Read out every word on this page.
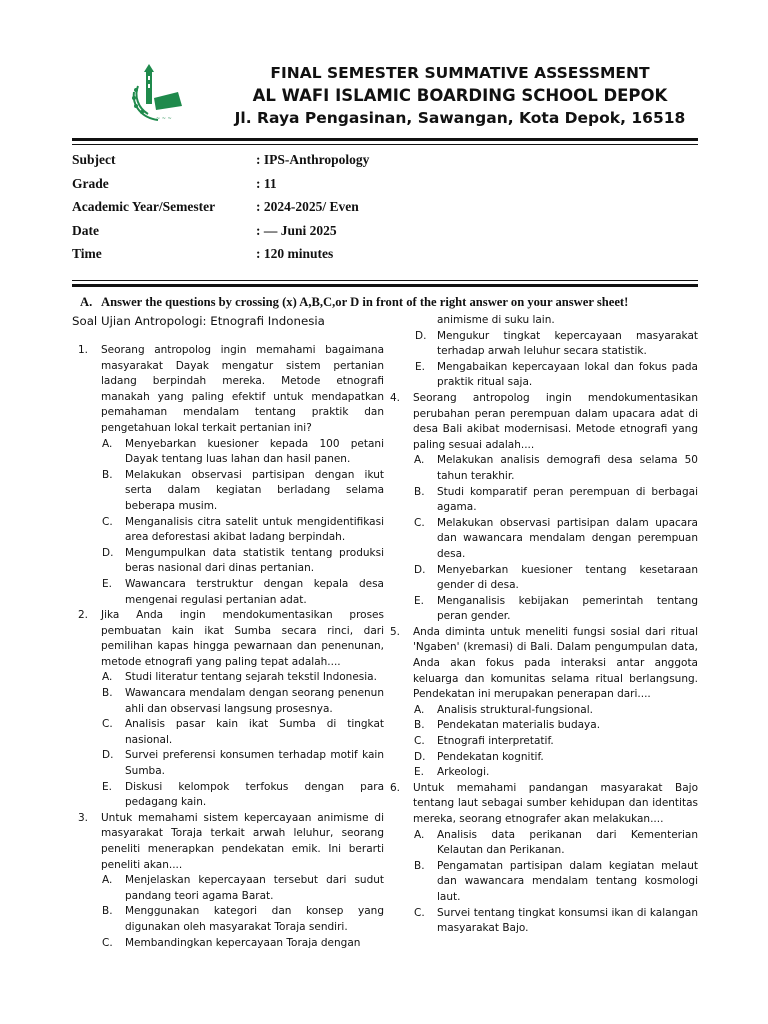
~ ~ ~
FINAL SEMESTER SUMMATIVE ASSESSMENT
AL WAFI ISLAMIC BOARDING SCHOOL DEPOK
Jl. Raya Pengasinan, Sawangan, Kota Depok, 16518
Subject	: IPS-Anthropology
Grade	: 11
Academic Year/Semester	: 2024-2025/ Even
Date	: — Juni 2025
Time	: 120 minutes
A.   Answer the questions by crossing (x) A,B,C,or D in front of the right answer on your answer sheet!
Soal Ujian Antropologi: Etnografi Indonesia
1. Seorang antropolog ingin memahami bagaimana masyarakat Dayak mengatur sistem pertanian ladang berpindah mereka. Metode etnografi manakah yang paling efektif untuk mendapatkan pemahaman mendalam tentang praktik dan pengetahuan lokal terkait pertanian ini?
A. Menyebarkan kuesioner kepada 100 petani Dayak tentang luas lahan dan hasil panen.
B. Melakukan observasi partisipan dengan ikut serta dalam kegiatan berladang selama beberapa musim.
C. Menganalisis citra satelit untuk mengidentifikasi area deforestasi akibat ladang berpindah.
D. Mengumpulkan data statistik tentang produksi beras nasional dari dinas pertanian.
E. Wawancara terstruktur dengan kepala desa mengenai regulasi pertanian adat.
2. Jika Anda ingin mendokumentasikan proses pembuatan kain ikat Sumba secara rinci, dari pemilihan kapas hingga pewarnaan dan penenunan, metode etnografi yang paling tepat adalah....
A. Studi literatur tentang sejarah tekstil Indonesia.
B. Wawancara mendalam dengan seorang penenun ahli dan observasi langsung prosesnya.
C. Analisis pasar kain ikat Sumba di tingkat nasional.
D. Survei preferensi konsumen terhadap motif kain Sumba.
E. Diskusi kelompok terfokus dengan para pedagang kain.
3. Untuk memahami sistem kepercayaan animisme di masyarakat Toraja terkait arwah leluhur, seorang peneliti menerapkan pendekatan emik. Ini berarti peneliti akan....
A. Menjelaskan kepercayaan tersebut dari sudut pandang teori agama Barat.
B. Menggunakan kategori dan konsep yang digunakan oleh masyarakat Toraja sendiri.
C. Membandingkan kepercayaan Toraja dengan
animisme di suku lain.
D. Mengukur tingkat kepercayaan masyarakat terhadap arwah leluhur secara statistik.
E. Mengabaikan kepercayaan lokal dan fokus pada praktik ritual saja.
4. Seorang antropolog ingin mendokumentasikan perubahan peran perempuan dalam upacara adat di desa Bali akibat modernisasi. Metode etnografi yang paling sesuai adalah....
A. Melakukan analisis demografi desa selama 50 tahun terakhir.
B. Studi komparatif peran perempuan di berbagai agama.
C. Melakukan observasi partisipan dalam upacara dan wawancara mendalam dengan perempuan desa.
D. Menyebarkan kuesioner tentang kesetaraan gender di desa.
E. Menganalisis kebijakan pemerintah tentang peran gender.
5. Anda diminta untuk meneliti fungsi sosial dari ritual 'Ngaben' (kremasi) di Bali. Dalam pengumpulan data, Anda akan fokus pada interaksi antar anggota keluarga dan komunitas selama ritual berlangsung. Pendekatan ini merupakan penerapan dari....
A. Analisis struktural-fungsional.
B. Pendekatan materialis budaya.
C. Etnografi interpretatif.
D. Pendekatan kognitif.
E. Arkeologi.
6. Untuk memahami pandangan masyarakat Bajo tentang laut sebagai sumber kehidupan dan identitas mereka, seorang etnografer akan melakukan....
A. Analisis data perikanan dari Kementerian Kelautan dan Perikanan.
B. Pengamatan partisipan dalam kegiatan melaut dan wawancara mendalam tentang kosmologi laut.
C. Survei tentang tingkat konsumsi ikan di kalangan masyarakat Bajo.
